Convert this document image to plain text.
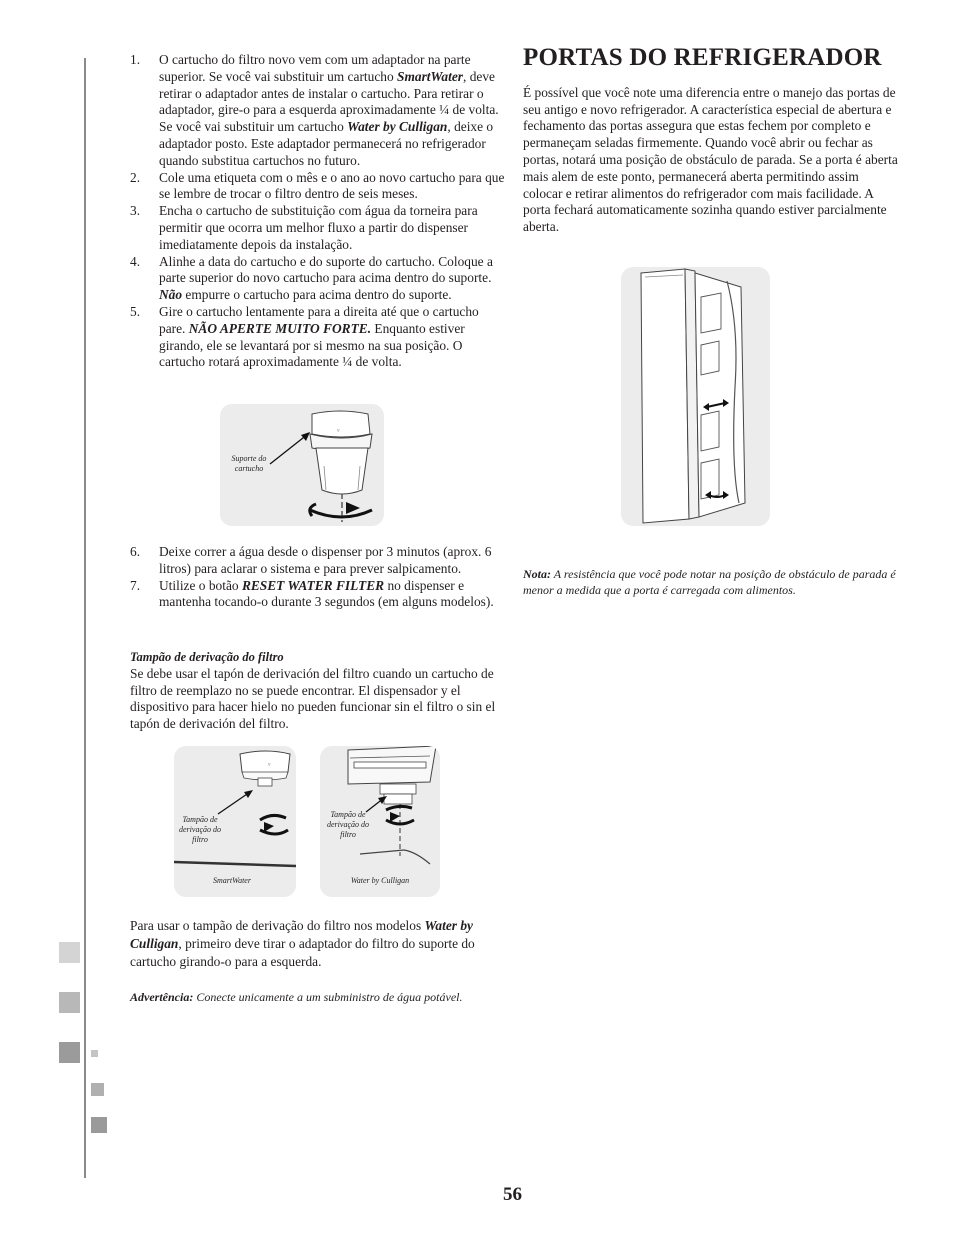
1. O cartucho do filtro novo vem com um adaptador na parte superior. Se você vai substituir um cartucho SmartWater, deve retirar o adaptador antes de instalar o cartucho. Para retirar o adaptador, gire-o para a esquerda aproximadamente ¼ de volta. Se você vai substituir um cartucho Water by Culligan, deixe o adaptador posto. Este adaptador permanecerá no refrigerador quando substitua cartuchos no futuro.
2. Cole uma etiqueta com o mês e o ano ao novo cartucho para que se lembre de trocar o filtro dentro de seis meses.
3. Encha o cartucho de substituição com água da torneira para permitir que ocorra um melhor fluxo a partir do dispenser imediatamente depois da instalação.
4. Alinhe a data do cartucho e do suporte do cartucho. Coloque a parte superior do novo cartucho para acima dentro do suporte. Não empurre o cartucho para acima dentro do suporte.
5. Gire o cartucho lentamente para a direita até que o cartucho pare. NÃO APERTE MUITO FORTE. Enquanto estiver girando, ele se levantará por si mesmo na sua posição. O cartucho rotará aproximadamente ¼ de volta.
▿
Suporte do cartucho
6. Deixe correr a água desde o dispenser por 3 minutos (aprox. 6 litros) para aclarar o sistema e para prever salpicamento.
7. Utilize o botão RESET WATER FILTER no dispenser e mantenha tocando-o durante 3 segundos (em alguns modelos).

Tampão de derivação do filtro

Se debe usar el tapón de derivación del filtro cuando un cartucho de filtro de reemplazo no se puede encontrar. El dispensador y el dispositivo para hacer hielo no pueden funcionar sin el filtro o sin el tapón de derivación del filtro.

▿
Tampão de derivação do filtro
SmartWater
Tampão de derivação do filtro
Water by Culligan

Para usar o tampão de derivação do filtro nos modelos Water by Culligan, primeiro deve tirar o adaptador do filtro do suporte do cartucho girando-o para a esquerda.

Advertência: Conecte unicamente a um subministro de água potável.

PORTAS DO REFRIGERADOR

É possível que você note uma diferencia entre o manejo das portas de seu antigo e novo refrigerador. A característica especial de abertura e fechamento das portas assegura que estas fechem por completo e permaneçam seladas firmemente. Quando você abrir ou fechar as portas, notará uma posição de obstáculo de parada. Se a porta é aberta mais alem de este ponto, permanecerá aberta permitindo assim colocar e retirar alimentos do refrigerador com mais facilidade. A porta fechará automaticamente sozinha quando estiver parcialmente aberta.

Nota: A resistência que você pode notar na posição de obstáculo de parada é menor a medida que a porta é carregada com alimentos.

56
